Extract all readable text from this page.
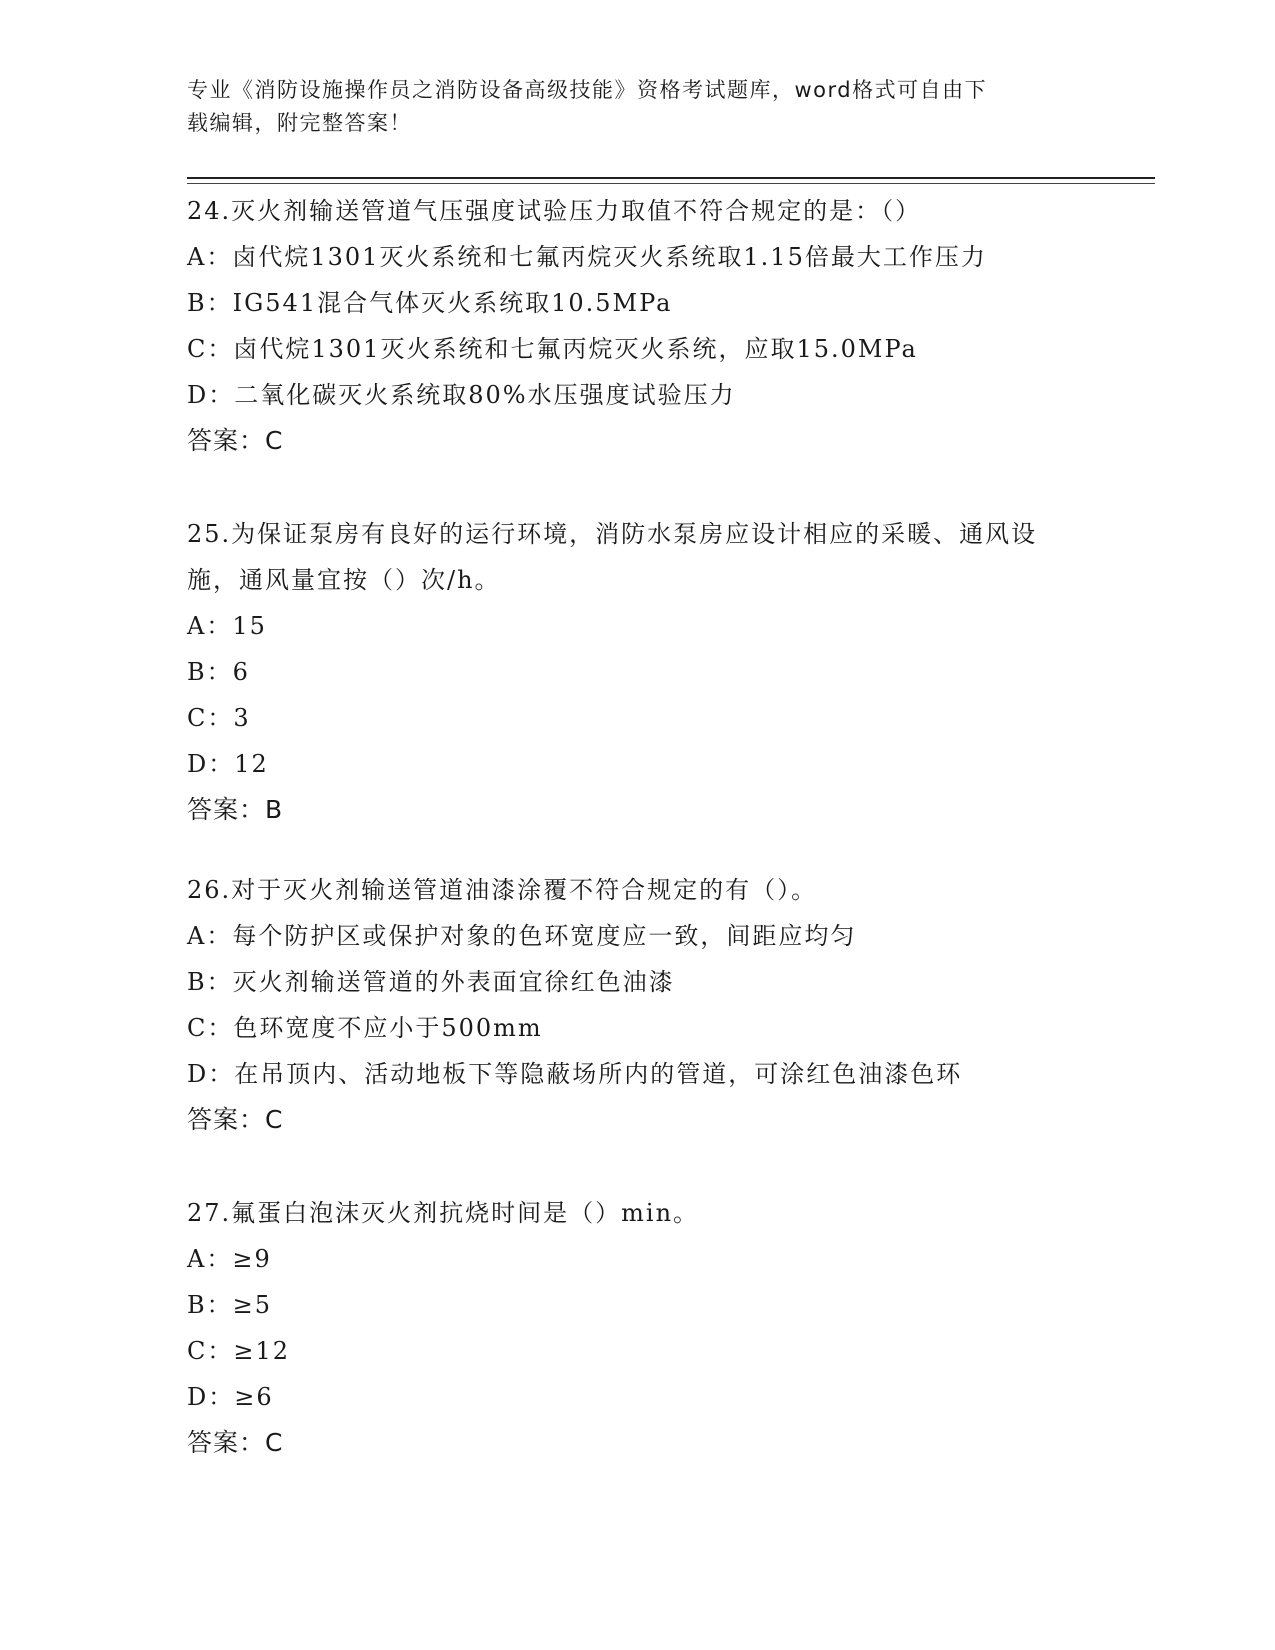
专业《消防设施操作员之消防设备高级技能》资格考试题库，word格式可自由下
载编辑，附完整答案！
24.灭火剂输送管道气压强度试验压力取值不符合规定的是：（）
A：卤代烷1301灭火系统和七氟丙烷灭火系统取1.15倍最大工作压力
B：IG541混合气体灭火系统取10.5MPa
C：卤代烷1301灭火系统和七氟丙烷灭火系统，应取15.0MPa
D：二氧化碳灭火系统取80%水压强度试验压力
答案：C
25.为保证泵房有良好的运行环境，消防水泵房应设计相应的采暖、通风设施，通风量宜按（）次/h。
A：15
B：6
C：3
D：12
答案：B
26.对于灭火剂输送管道油漆涂覆不符合规定的有（）。
A：每个防护区或保护对象的色环宽度应一致，间距应均匀
B：灭火剂输送管道的外表面宜徐红色油漆
C：色环宽度不应小于500mm
D：在吊顶内、活动地板下等隐蔽场所内的管道，可涂红色油漆色环
答案：C
27.氟蛋白泡沫灭火剂抗烧时间是（）min。
A：≥9
B：≥5
C：≥12
D：≥6
答案：C
